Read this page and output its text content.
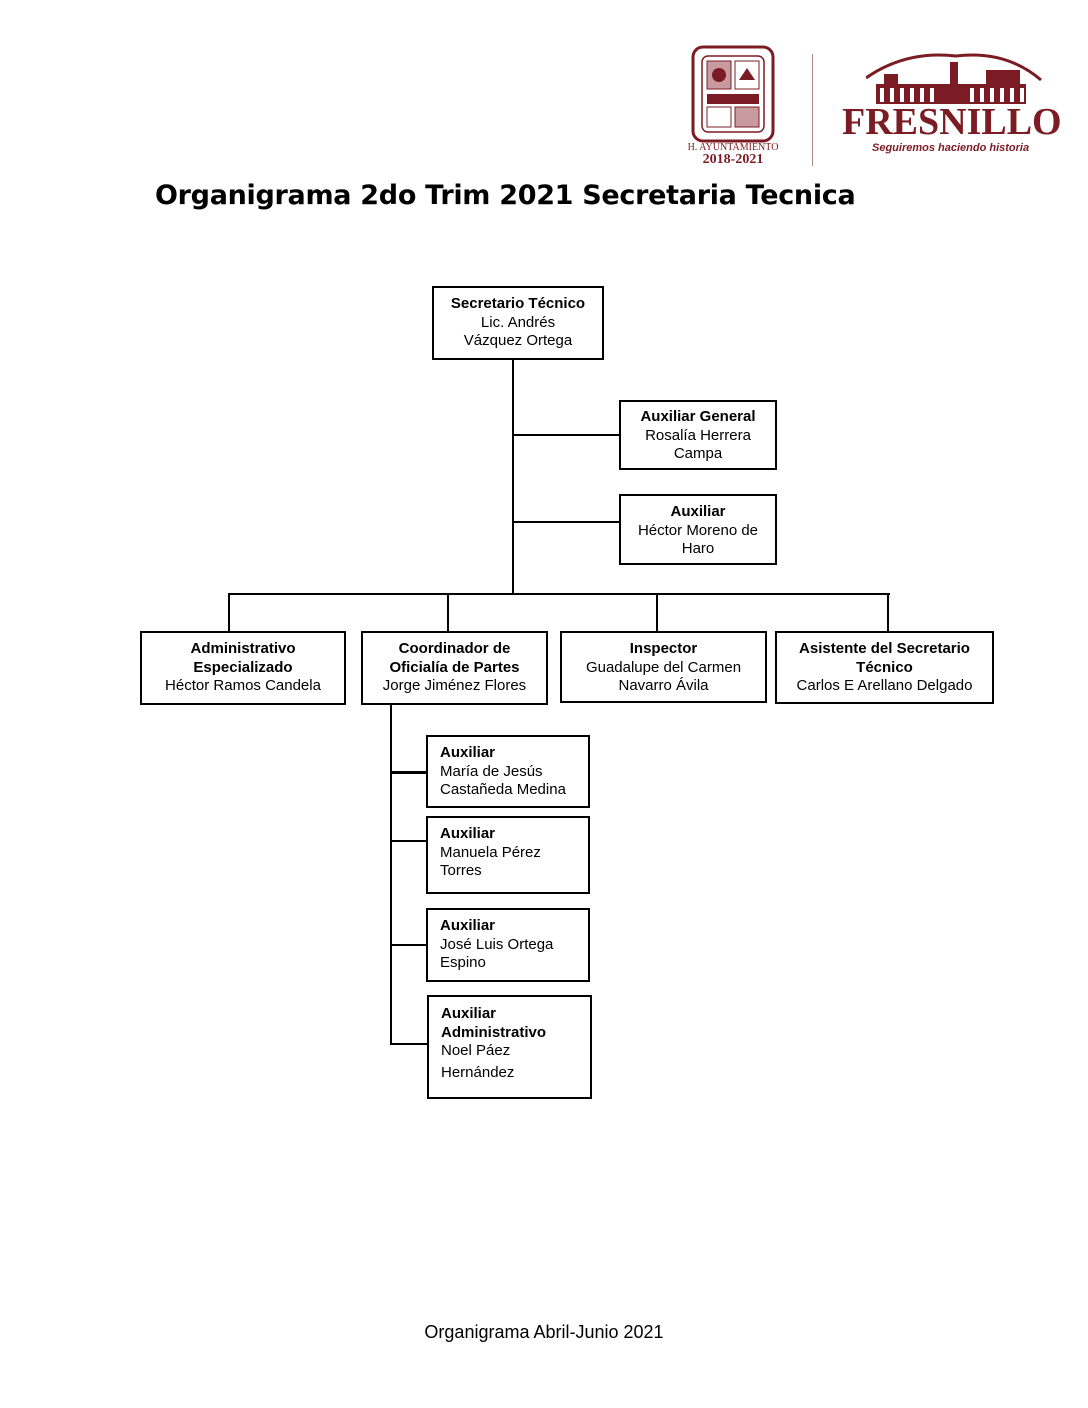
H. AYUNTAMIENTO
2018-2021
FRESNILLO
Seguiremos haciendo historia
Organigrama 2do Trim 2021 Secretaria Tecnica
Secretario Técnico
Lic. Andrés
Vázquez Ortega
Auxiliar General
Rosalía Herrera
Campa
Auxiliar
Héctor Moreno de
Haro
Administrativo
Especializado
Héctor Ramos Candela
Coordinador de
Oficialía de Partes
Jorge Jiménez Flores
Inspector
Guadalupe del Carmen
Navarro Ávila
Asistente del Secretario
Técnico
Carlos E Arellano Delgado
Auxiliar
María de Jesús
Castañeda Medina
Auxiliar
Manuela Pérez
Torres
Auxiliar
José Luis Ortega
Espino
Auxiliar
Administrativo
Noel Páez
Hernández
Organigrama Abril-Junio 2021
